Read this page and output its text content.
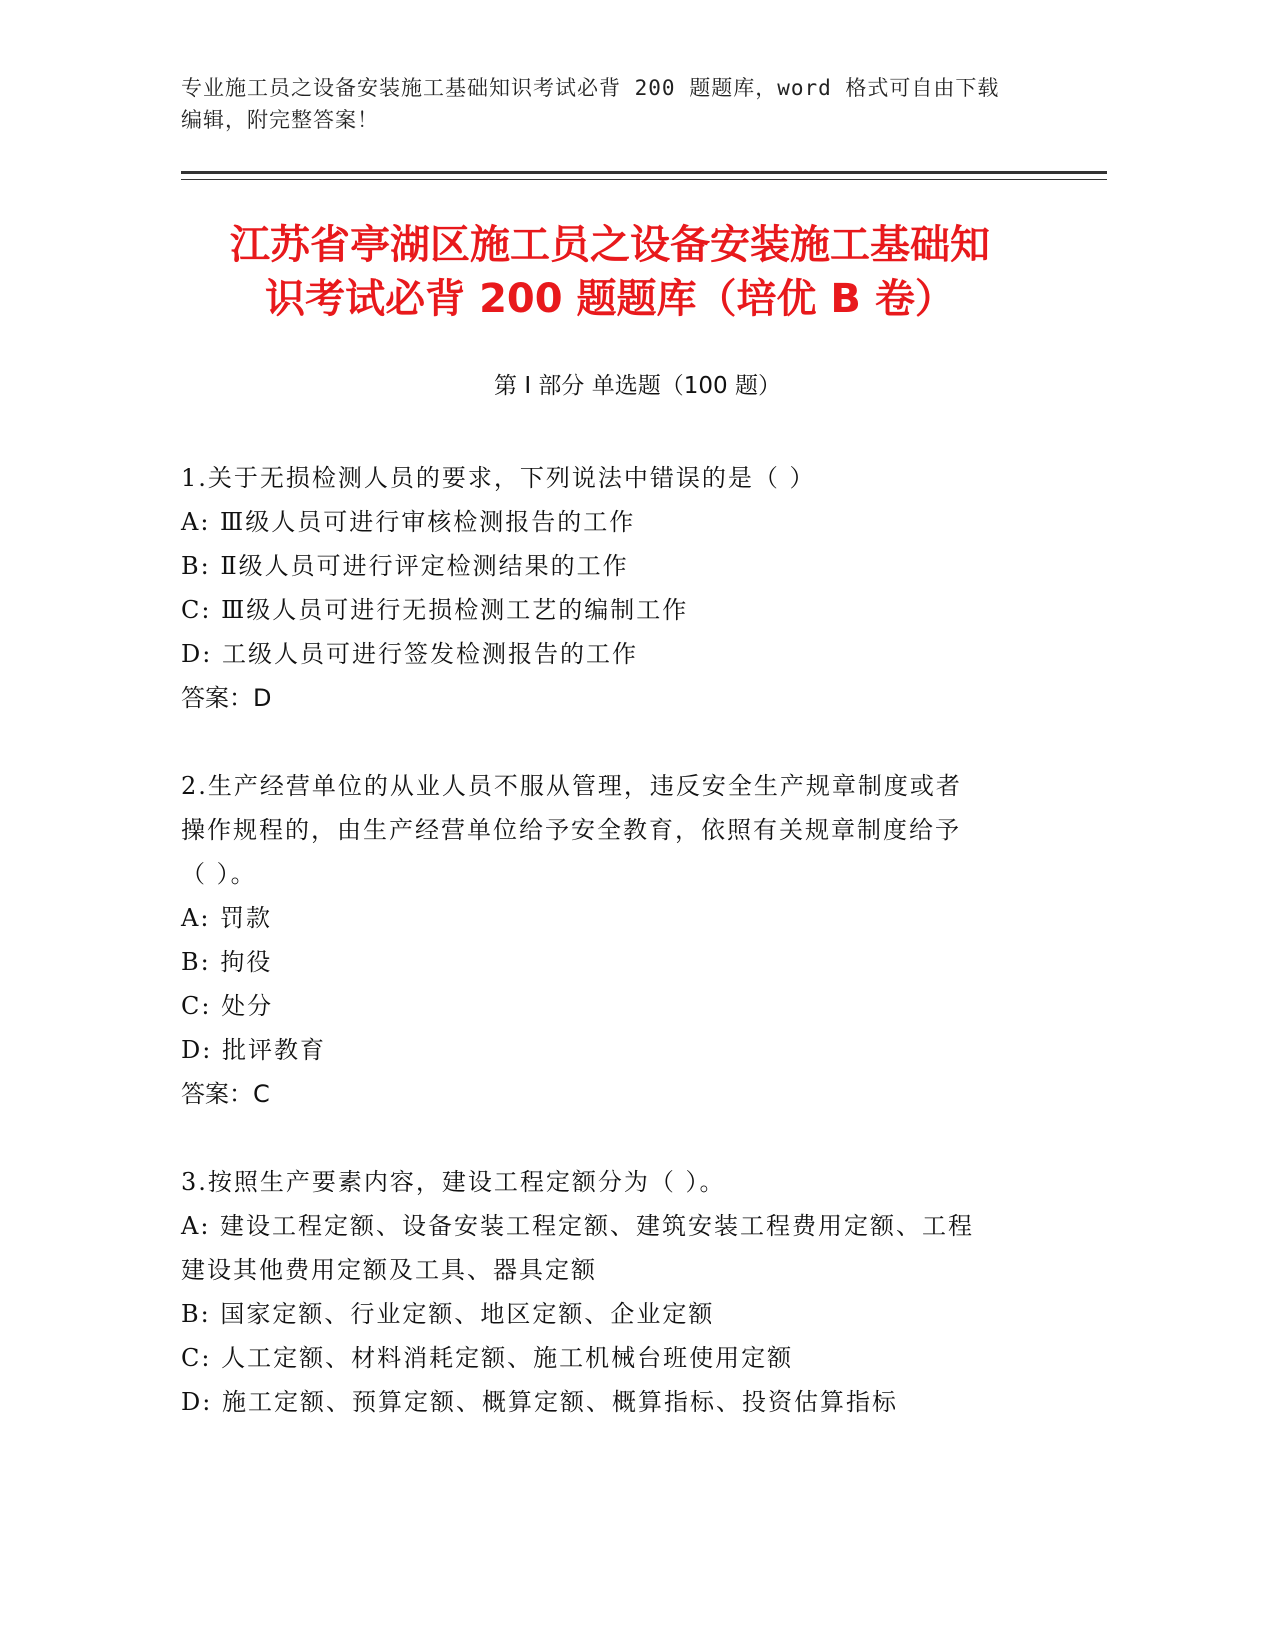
专业施工员之设备安装施工基础知识考试必背 200 题题库，word 格式可自由下载
编辑，附完整答案！
江苏省亭湖区施工员之设备安装施工基础知
识考试必背 200 题题库（培优 B 卷）
第 I 部分 单选题（100 题）

1.关于无损检测人员的要求，下列说法中错误的是（ ）

A: Ⅲ级人员可进行审核检测报告的工作

B: Ⅱ级人员可进行评定检测结果的工作

C: Ⅲ级人员可进行无损检测工艺的编制工作

D: 工级人员可进行签发检测报告的工作

答案：D

2.生产经营单位的从业人员不服从管理，违反安全生产规章制度或者

操作规程的，由生产经营单位给予安全教育，依照有关规章制度给予

（ ）。

A: 罚款

B: 拘役

C: 处分

D: 批评教育

答案：C

3.按照生产要素内容，建设工程定额分为（ ）。

A: 建设工程定额、设备安装工程定额、建筑安装工程费用定额、工程

建设其他费用定额及工具、器具定额

B: 国家定额、行业定额、地区定额、企业定额

C: 人工定额、材料消耗定额、施工机械台班使用定额

D: 施工定额、预算定额、概算定额、概算指标、投资估算指标
